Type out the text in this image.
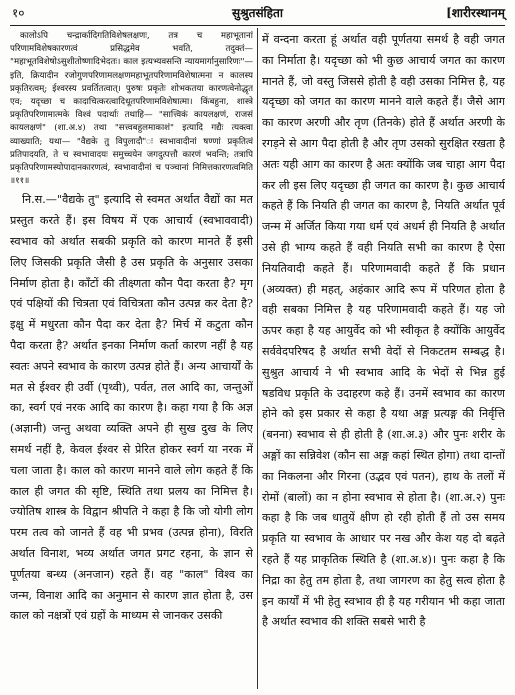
१०	सुश्रुतसंहिता	[शारीरस्थानम्

कालोऽपि चन्द्रार्कादिगतिविशेषलक्षणः, तत्र च महाभूतानां परिणामविशेषकारणत्वं प्रसिद्धमेव भवति, तदुक्तं— "महाभूतविशेषोऽसुशीतोष्णादिभेदतः। काल इत्यभ्यवसन्ति न्यायमार्गानुसारिणः"— इति, क्रियादीन रजोगुणपरिणामलक्षणमहाभूतपरिणामविशेषात्मना न कालस्य प्रकृतिरत्वम्; ईश्वरस्य प्रवर्तितत्वात्। पुरुषः प्रकृतेः शोभकतया कारणत्वेनोद्धृत एव; यदृच्छा च कादाचित्करत्वादिधूतपरिणामविशेषात्मा। किंबहुना, शास्त्रे प्रकृतिपरिणामात्मके विश्वं पदार्थाः तथाहि— "सात्त्विकं कायलक्षणं, राजसं कायलक्षणं" (शा.अ.४) तथा "सत्त्वबहुलमाकाशं" इत्यादि गद्यैः त्यक्त्वा व्याख्याति; यथा— "वैद्यके तु विपुलादौ"ः स्वभावादीनां षण्णां प्रकृतित्वं प्रतिपादयति, ते च स्वभावादयः समुच्चयेन जगदुत्पत्तौ कारणं भवन्ति; तत्रापि प्रकृतिपरिणामस्योपादानकारणत्वं, स्वभावादीनां च पञ्चानां निमित्तकारणत्वमिति ॥११॥

नि.स.—"वैद्यके तु" इत्यादि से स्वमत अर्थात वैद्यों का मत प्रस्तुत करते हैं। इस विषय में एक आचार्य (स्वभाववादी) स्वभाव को अर्थात सबकी प्रकृति को कारण मानते हैं इसी लिए जिसकी प्रकृति जैसी है उस प्रकृति के अनुसार उसका निर्माण होता है। काँटों की तीक्ष्णता कौन पैदा करता है? मृग एवं पक्षियों की चित्रता एवं विचित्रता कौन उत्पन्न कर देता है? इक्षु में मधुरता कौन पैदा कर देता है? मिर्च में कटुता कौन पैदा करता है? अर्थात इनका निर्माण कर्ता कारण नहीं है यह स्वतः अपने स्वभाव के कारण उत्पन्न होते हैं। अन्य आचार्यों के मत से ईश्वर ही उर्वी (पृथ्वी), पर्वत, तल आदि का, जन्तुओं का, स्वर्ग एवं नरक आदि का कारण है। कहा गया है कि अज्ञ (अज्ञानी) जन्तु अथवा व्यक्ति अपने ही सुख दुख के लिए समर्थ नहीं है, केवल ईश्वर से प्रेरित होकर स्वर्ग या नरक में चला जाता है। काल को कारण मानने वाले लोग कहते हैं कि काल ही जगत की सृष्टि, स्थिति तथा प्रलय का निमित्त है। ज्योतिष शास्त्र के विद्वान श्रीपति ने कहा है कि जो योगी लोग परम तत्व को जानते हैं वह भी प्रभव (उत्पन्न होना), विरति अर्थात विनाश, भव्य अर्थात जगत प्रगट रहना, के ज्ञान से पूर्णतया बन्ध्य (अनजान) रहते हैं। वह "काल" विश्व का जन्म, विनाश आदि का अनुमान से कारण ज्ञात होता है, उस काल को नक्षत्रों एवं ग्रहों के माध्यम से जानकर उसकी

में वन्दना करता हूं अर्थात वही पूर्णतया समर्थ है वही जगत का निर्माता है। यदृच्छा को भी कुछ आचार्य जगत का कारण मानते हैं, जो वस्तु जिससे होती है वही उसका निमित्त है, यह यदृच्छा को जगत का कारण मानने वाले कहते हैं। जैसे आग का कारण अरणी और तृण (तिनके) होते हैं अर्थात अरणी के रगड़ने से आग पैदा होती है और तृण उसको सुरक्षित रखता है अतः यही आग का कारण है अतः क्योंकि जब चाहा आग पैदा कर ली इस लिए यदृच्छा ही जगत का कारण है। कुछ आचार्य कहते हैं कि नियति ही जगत का कारण है, नियति अर्थात पूर्व जन्म में अर्जित किया गया धर्म एवं अधर्म ही नियति है अर्थात उसे ही भाग्य कहते हैं वही नियति सभी का कारण है ऐसा नियतिवादी कहते हैं। परिणामवादी कहते हैं कि प्रधान (अव्यक्त) ही महत्, अहंकार आदि रूप में परिणत होता है वही सबका निमित्त है यह परिणामवादी कहते हैं। यह जो ऊपर कहा है यह आयुर्वेद को भी स्वीकृत है क्योंकि आयुर्वेद सर्ववेदपरिषद है अर्थात सभी वेदों से निकटतम सम्बद्ध है। सुश्रुत आचार्य ने भी स्वभाव आदि के भेदों से भिन्न हुई षडविध प्रकृति के उदाहरण कहे हैं। उनमें स्वभाव का कारण होने को इस प्रकार से कहा है यथा अङ्ग प्रत्यङ्ग की निर्वृत्ति (बनना) स्वभाव से ही होती है (शा.अ.३) और पुनः शरीर के अङ्गों का सन्निवेश (कौन सा अङ्ग कहां स्थित होगा) तथा दान्तों का निकलना और गिरना (उद्भव एवं पतन), हाथ के तलों में रोमों (बालों) का न होना स्वभाव से होता है। (शा.अ.२) पुनः कहा है कि जब धातुयें क्षीण हो रही होती हैं तो उस समय प्रकृति या स्वभाव के आधार पर नख और केश यह दो बढ़ते रहते हैं यह प्राकृतिक स्थिति है (शा.अ.४)। पुनः कहा है कि निद्रा का हेतु तम होता है, तथा जागरण का हेतु सत्व होता है इन कार्यों में भी हेतु स्वभाव ही है यह गरीयान भी कहा जाता है अर्थात स्वभाव की शक्ति सबसे भारी है
